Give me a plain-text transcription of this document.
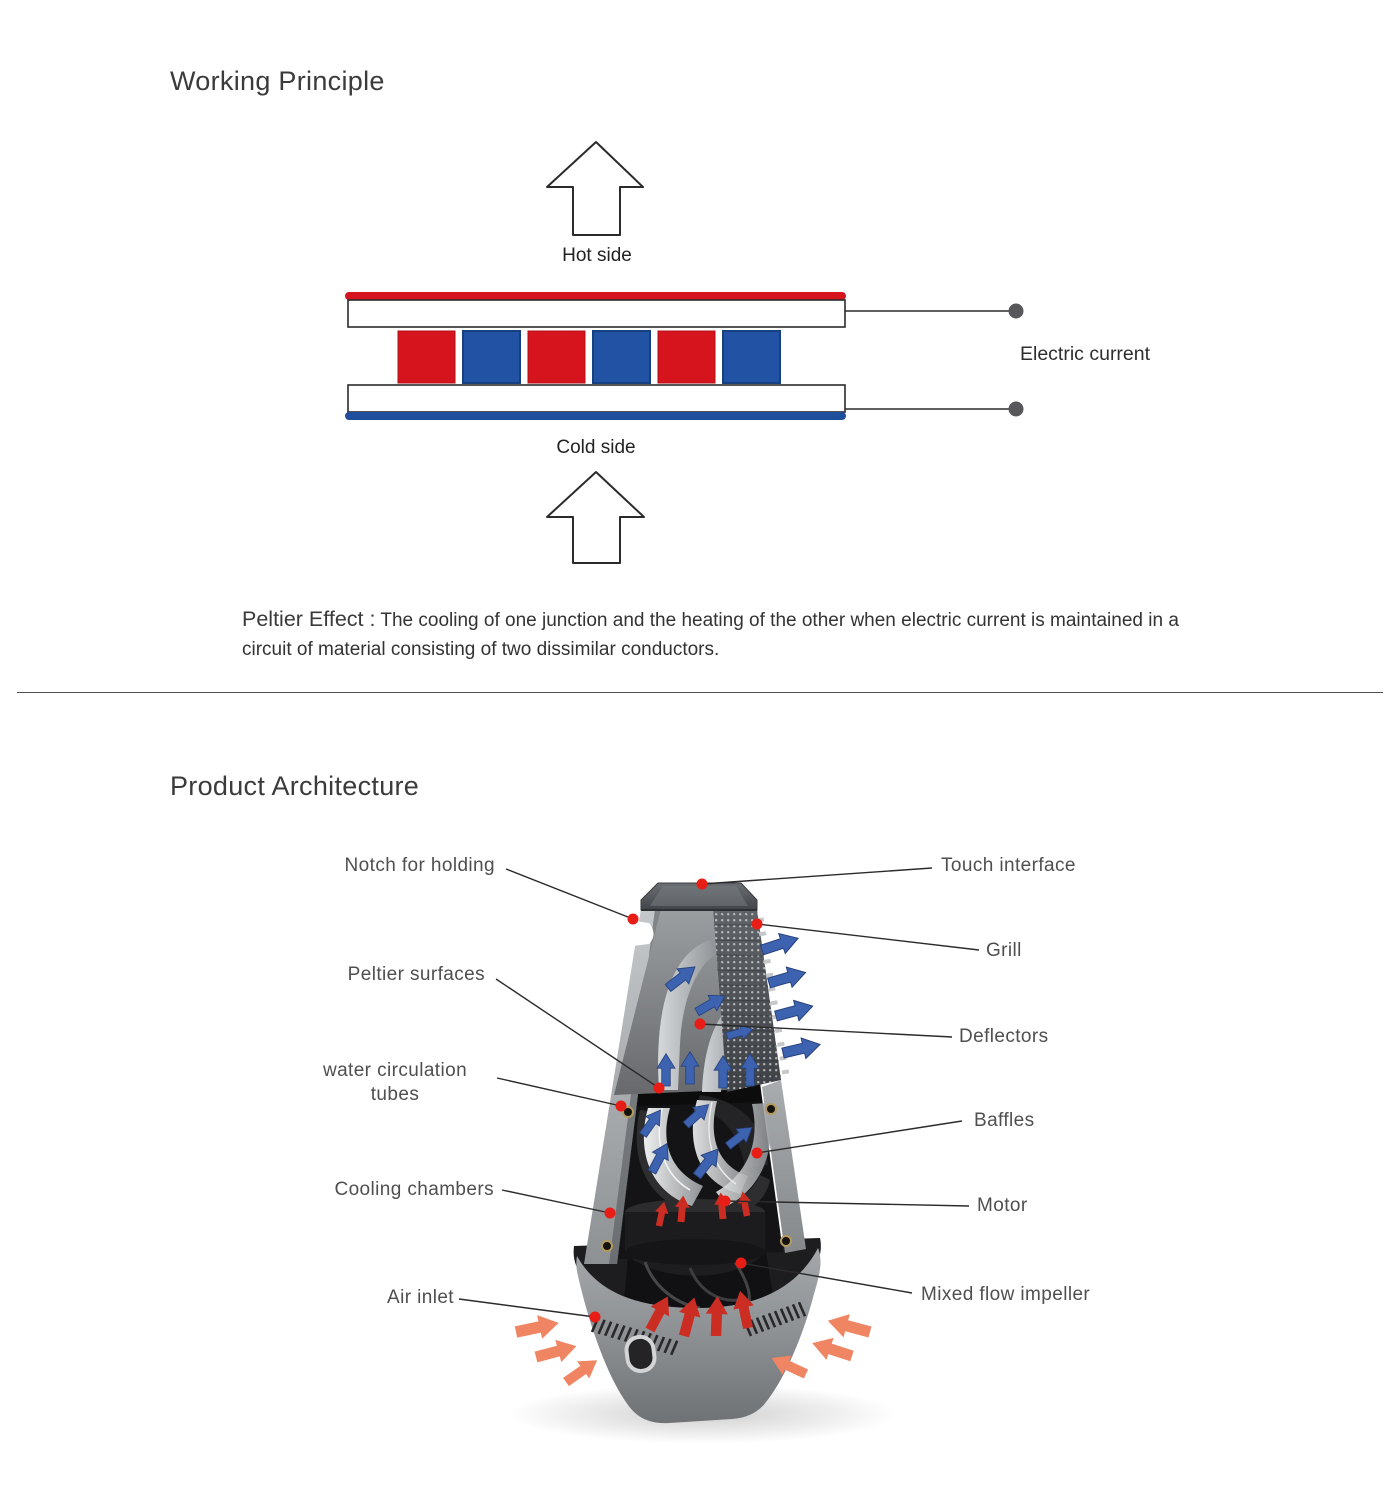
Working Principle
Hot side
Cold side
Electric current
Peltier Effect : The cooling of one junction and the heating of the other when electric current is maintained in a circuit of material consisting of two dissimilar conductors.
Product Architecture
Notch for holding	Touch interface
Grill
Deflectors
Peltier surfaces
water circulation tubes
Baffles
Cooling chambers
Motor
Air inlet	Mixed flow impeller
